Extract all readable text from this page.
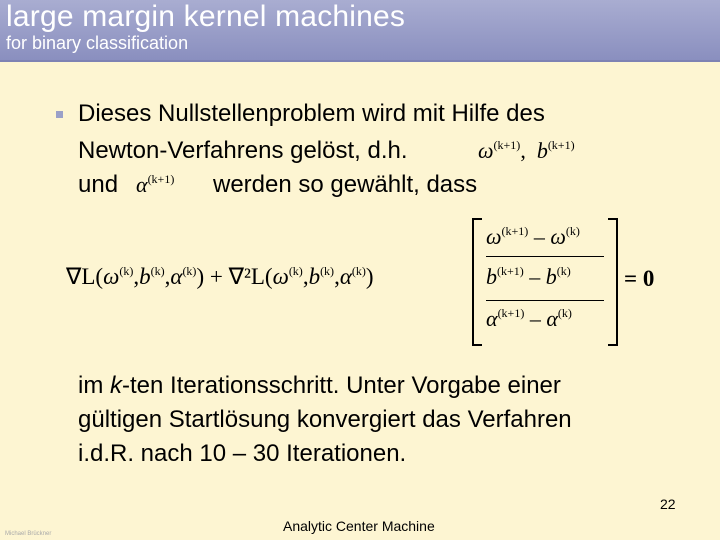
large margin kernel machines
for binary classification
Dieses Nullstellenproblem wird mit Hilfe des
Newton-Verfahrens gelöst, d.h.	$\omega^{(k+1)}$, $b^{(k+1)}$
und $\alpha^{(k+1)}$ werden so gewählt, dass
$\nabla L(\omega^{(k)},b^{(k)},\alpha^{(k)}) + \nabla^2L(\omega^{(k)},b^{(k)},\alpha^{(k)})$
$\omega^{(k+1)} - \omega^{(k)}$
$b^{(k+1)} - b^{(k)}$
$\alpha^{(k+1)} - \alpha^{(k)}$
= 0
im k-ten Iterationsschritt. Unter Vorgabe einer
gültigen Startlösung konvergiert das Verfahren
i.d.R. nach 10 – 30 Iterationen.
22
Analytic Center Machine
Michael Brückner
